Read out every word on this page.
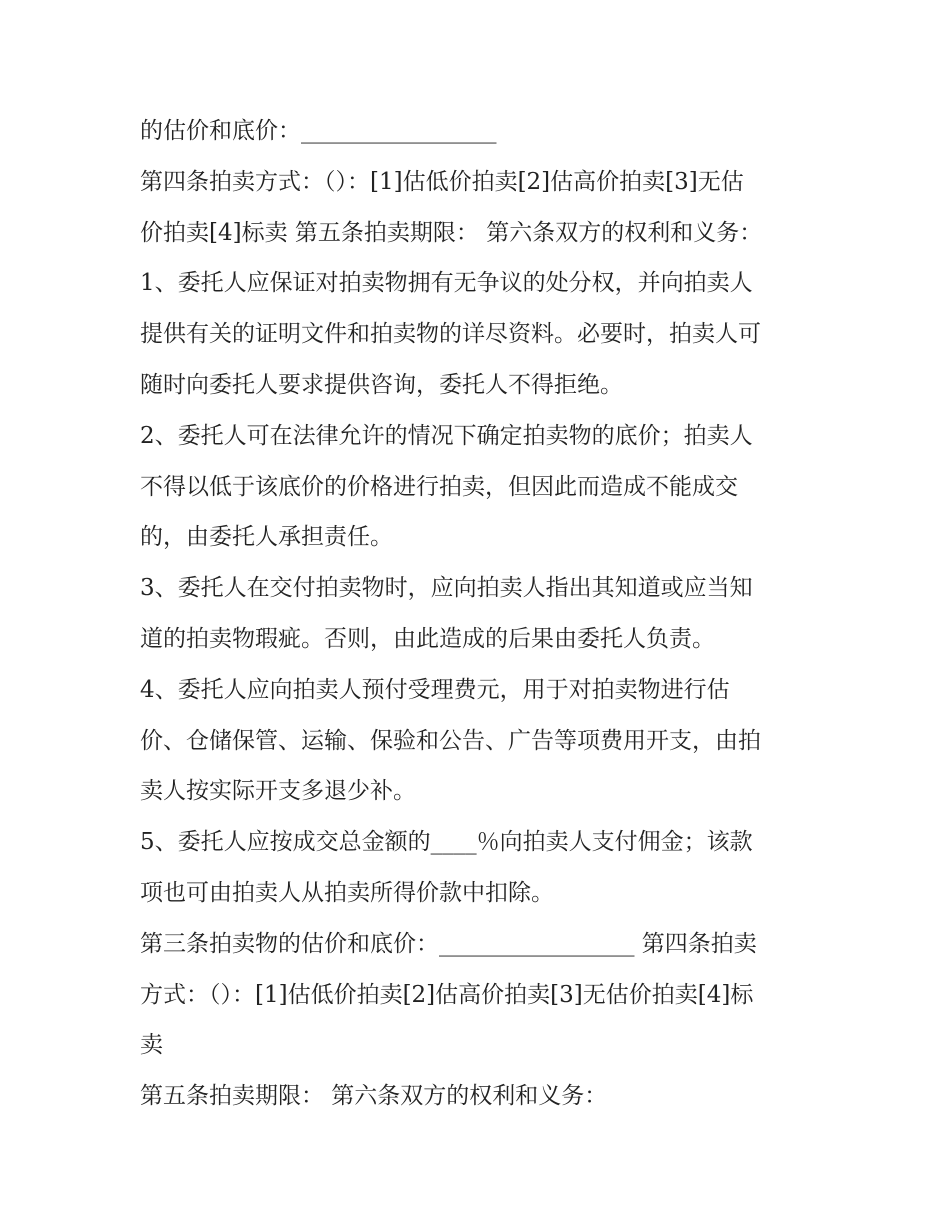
的估价和底价：_________________
第四条拍卖方式：（）：[1]估低价拍卖[2]估高价拍卖[3]无估
价拍卖[4]标卖 第五条拍卖期限： 第六条双方的权利和义务：
1、委托人应保证对拍卖物拥有无争议的处分权，并向拍卖人
提供有关的证明文件和拍卖物的详尽资料。必要时，拍卖人可
随时向委托人要求提供咨询，委托人不得拒绝。
2、委托人可在法律允许的情况下确定拍卖物的底价；拍卖人
不得以低于该底价的价格进行拍卖，但因此而造成不能成交
的，由委托人承担责任。
3、委托人在交付拍卖物时，应向拍卖人指出其知道或应当知
道的拍卖物瑕疵。否则，由此造成的后果由委托人负责。
4、委托人应向拍卖人预付受理费元，用于对拍卖物进行估
价、仓储保管、运输、保验和公告、广告等项费用开支，由拍
卖人按实际开支多退少补。
5、委托人应按成交总金额的____％向拍卖人支付佣金；该款
项也可由拍卖人从拍卖所得价款中扣除。
第三条拍卖物的估价和底价：_________________ 第四条拍卖
方式：（）：[1]估低价拍卖[2]估高价拍卖[3]无估价拍卖[4]标
卖
第五条拍卖期限： 第六条双方的权利和义务：
